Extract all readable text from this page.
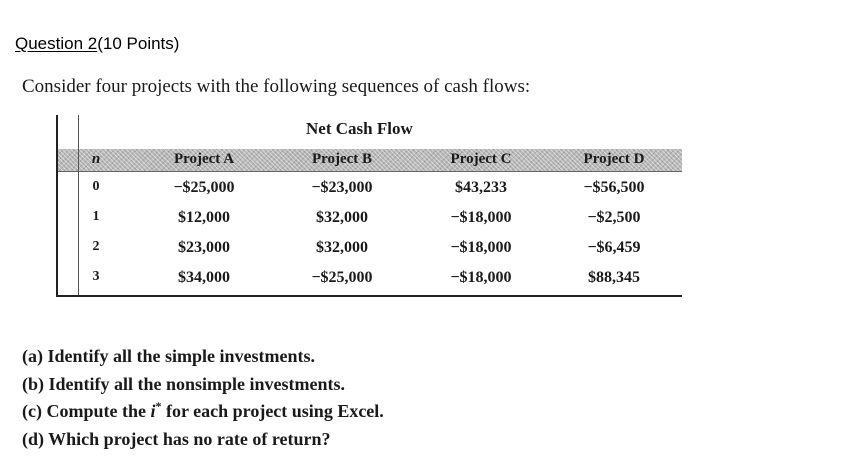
Question 2(10 Points)
Consider four projects with the following sequences of cash flows:
Net Cash Flow
n	Project A	Project B	Project C	Project D
0	−$25,000	−$23,000	$43,233	−$56,500
1	$12,000	$32,000	−$18,000	−$2,500
2	$23,000	$32,000	−$18,000	−$6,459
3	$34,000	−$25,000	−$18,000	$88,345
(a) Identify all the simple investments.
(b) Identify all the nonsimple investments.
(c) Compute the i* for each project using Excel.
(d) Which project has no rate of return?
